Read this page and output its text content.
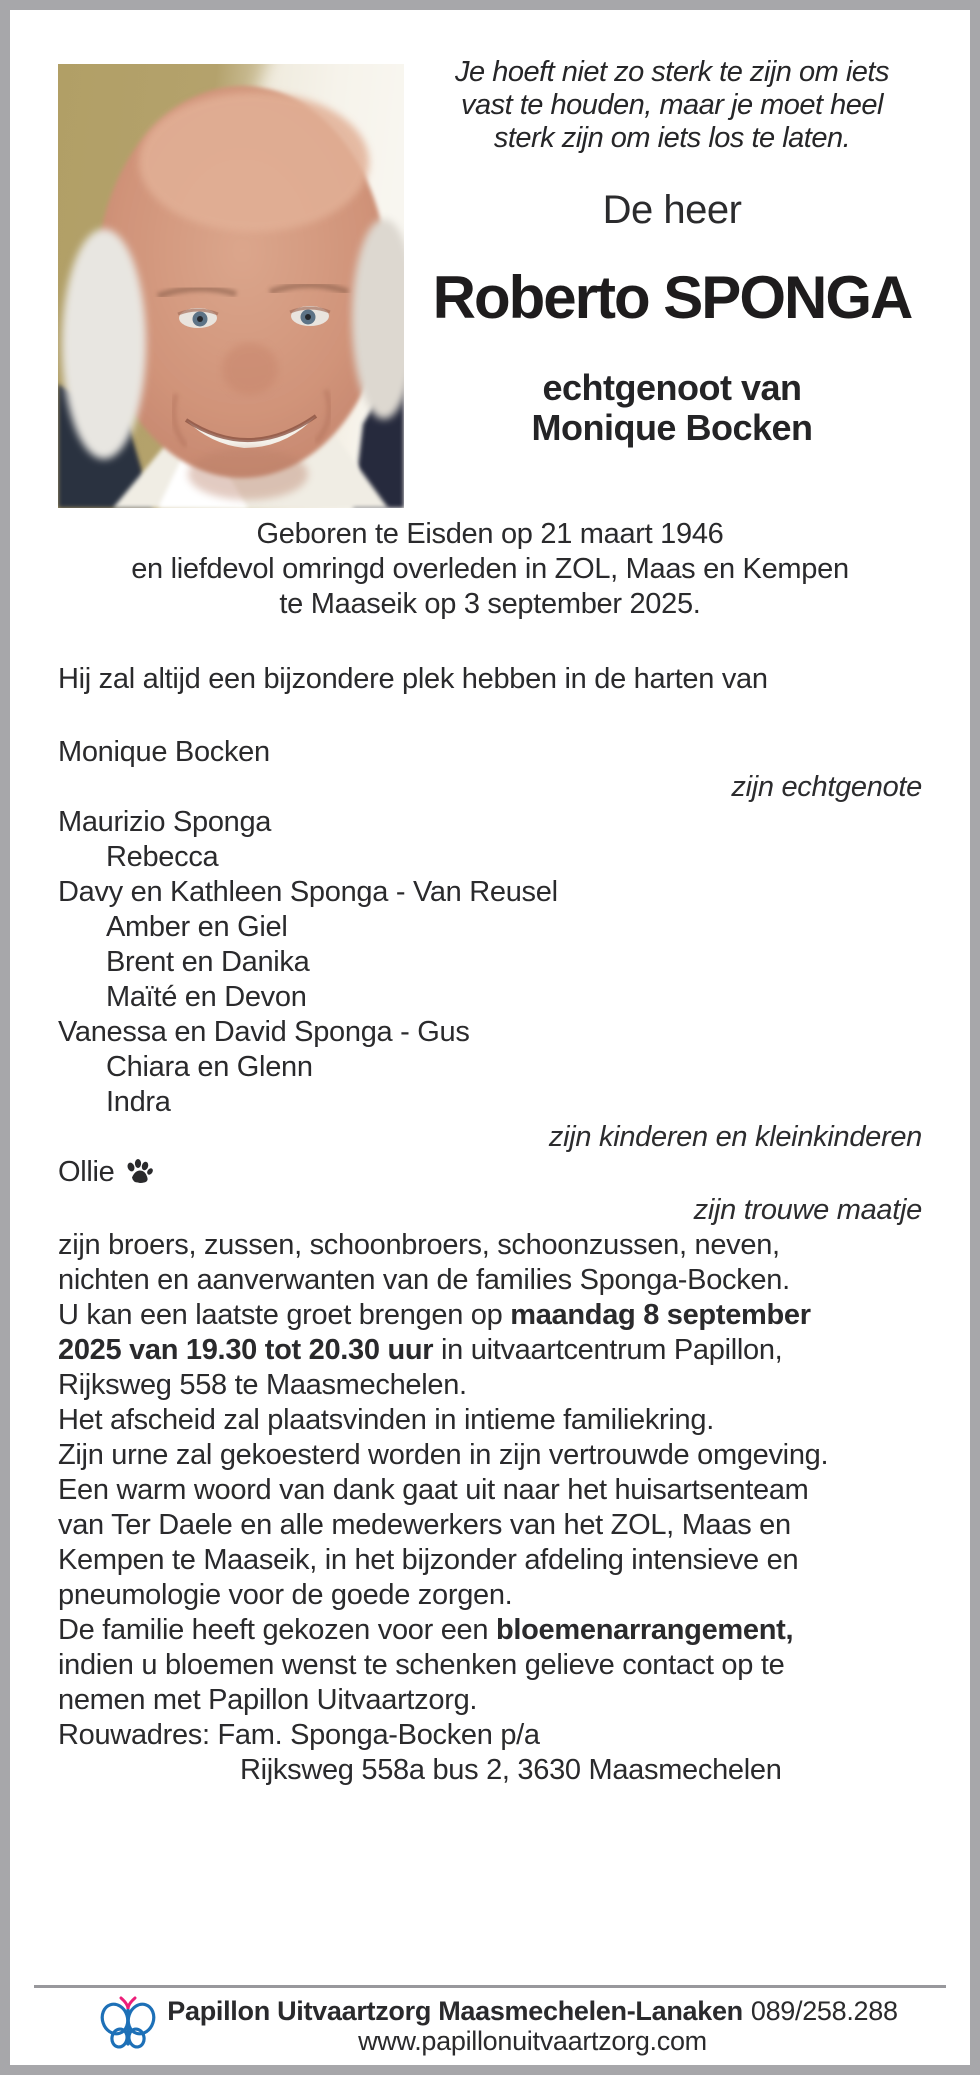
Je hoeft niet zo sterk te zijn om iets
vast te houden, maar je moet heel
sterk zijn om iets los te laten.
De heer
Roberto SPONGA
echtgenoot van
Monique Bocken
Geboren te Eisden op 21 maart 1946
en liefdevol omringd overleden in ZOL, Maas en Kempen
te Maaseik op 3 september 2025.

Hij zal altijd een bijzondere plek hebben in de harten van

Monique Bocken
zijn echtgenote
Maurizio Sponga
Rebecca
Davy en Kathleen Sponga - Van Reusel
Amber en Giel
Brent en Danika
Maïté en Devon
Vanessa en David Sponga - Gus
Chiara en Glenn
Indra
zijn kinderen en kleinkinderen
Ollie
zijn trouwe maatje
zijn broers, zussen, schoonbroers, schoonzussen, neven,
nichten en aanverwanten van de families Sponga-Bocken.

U kan een laatste groet brengen op maandag 8 september
2025 van 19.30 tot 20.30 uur in uitvaartcentrum Papillon,
Rijksweg 558 te Maasmechelen.

Het afscheid zal plaatsvinden in intieme familiekring.
Zijn urne zal gekoesterd worden in zijn vertrouwde omgeving.

Een warm woord van dank gaat uit naar het huisartsenteam
van Ter Daele en alle medewerkers van het ZOL, Maas en
Kempen te Maaseik, in het bijzonder afdeling intensieve en
pneumologie voor de goede zorgen.

De familie heeft gekozen voor een bloemenarrangement,
indien u bloemen wenst te schenken gelieve contact op te
nemen met Papillon Uitvaartzorg.

Rouwadres: Fam. Sponga-Bocken p/a
Rijksweg 558a bus 2, 3630 Maasmechelen

Papillon Uitvaartzorg Maasmechelen-Lanaken 089/258.288
www.papillonuitvaartzorg.com
